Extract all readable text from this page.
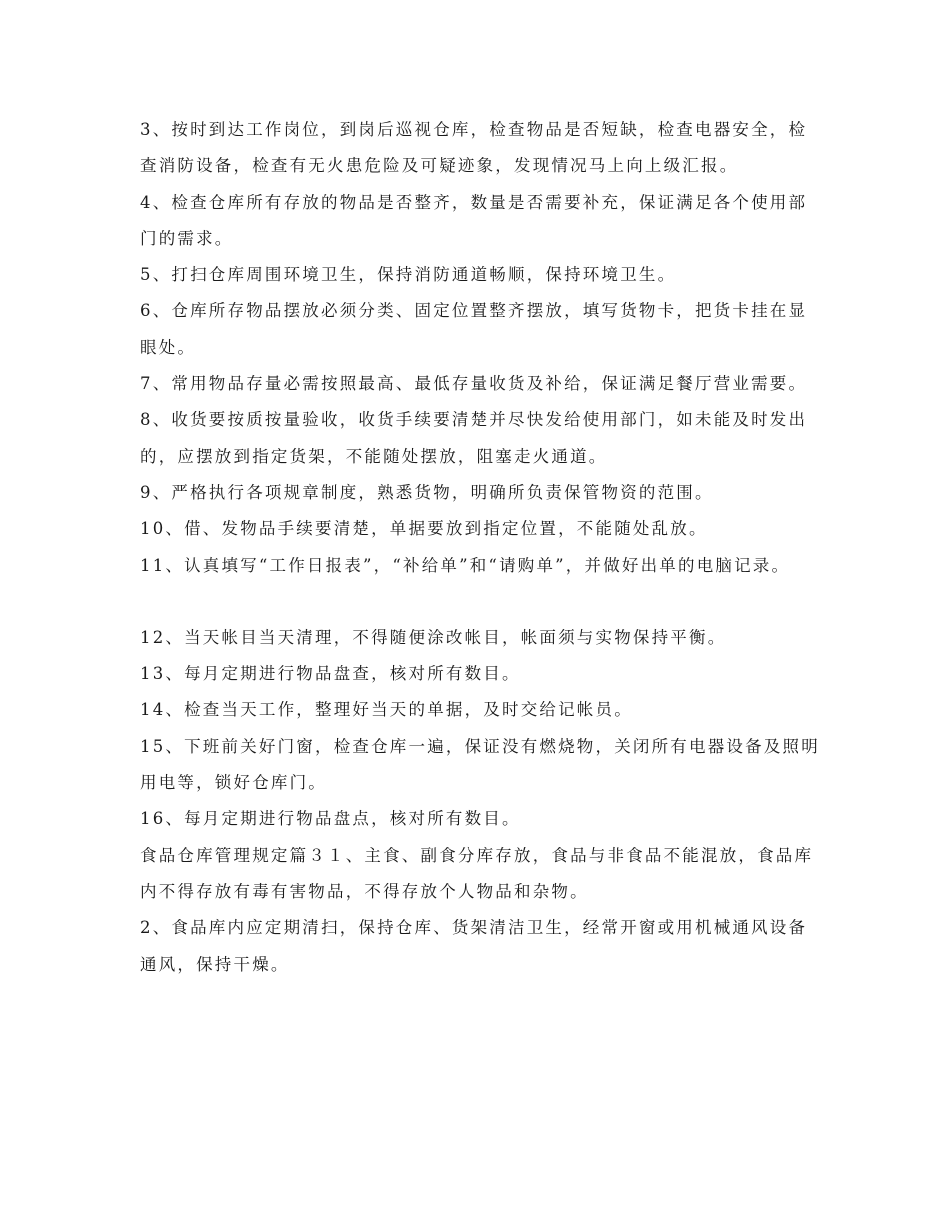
3、按时到达工作岗位，到岗后巡视仓库，检查物品是否短缺，检查电器安全，检
查消防设备，检查有无火患危险及可疑迹象，发现情况马上向上级汇报。

4、检查仓库所有存放的物品是否整齐，数量是否需要补充，保证满足各个使用部
门的需求。

5、打扫仓库周围环境卫生，保持消防通道畅顺，保持环境卫生。

6、仓库所存物品摆放必须分类、固定位置整齐摆放，填写货物卡，把货卡挂在显
眼处。

7、常用物品存量必需按照最高、最低存量收货及补给，保证满足餐厅营业需要。

8、收货要按质按量验收，收货手续要清楚并尽快发给使用部门，如未能及时发出
的，应摆放到指定货架，不能随处摆放，阻塞走火通道。

9、严格执行各项规章制度，熟悉货物，明确所负责保管物资的范围。

10、借、发物品手续要清楚，单据要放到指定位置，不能随处乱放。

11、认真填写“工作日报表”，“补给单”和“请购单”，并做好出单的电脑记录。

12、当天帐目当天清理，不得随便涂改帐目，帐面须与实物保持平衡。

13、每月定期进行物品盘查，核对所有数目。

14、检查当天工作，整理好当天的单据，及时交给记帐员。

15、下班前关好门窗，检查仓库一遍，保证没有燃烧物，关闭所有电器设备及照明
用电等，锁好仓库门。

16、每月定期进行物品盘点，核对所有数目。

食品仓库管理规定篇３１、主食、副食分库存放，食品与非食品不能混放，食品库
内不得存放有毒有害物品，不得存放个人物品和杂物。

2、食品库内应定期清扫，保持仓库、货架清洁卫生，经常开窗或用机械通风设备
通风，保持干燥。
